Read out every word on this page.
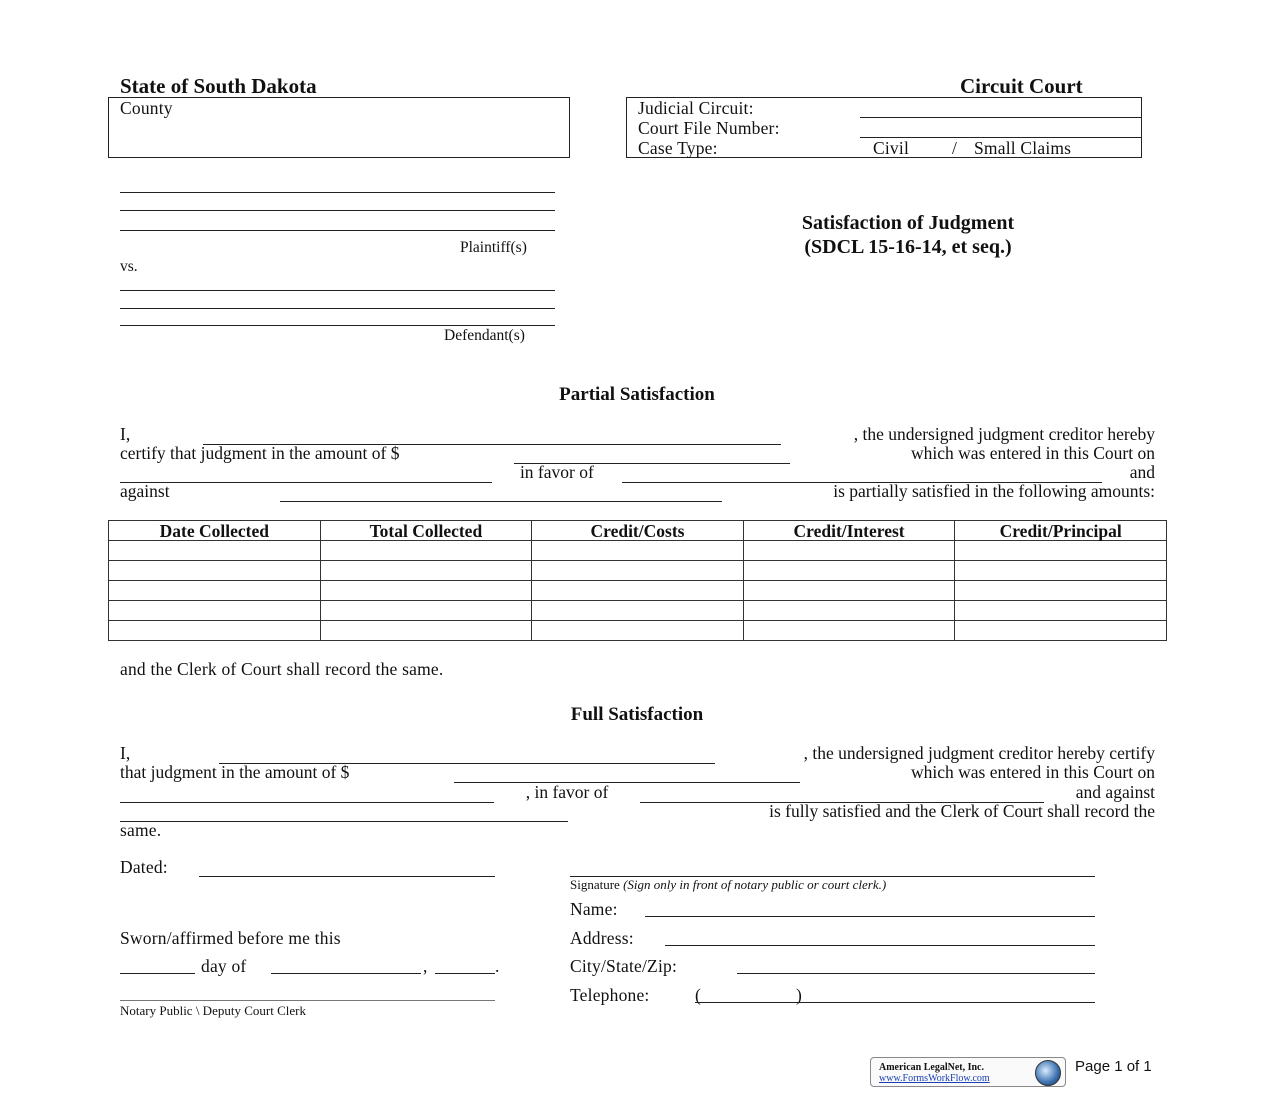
State of South Dakota	Circuit Court
County	Judicial Circuit:
Court File Number:
Case Type:	Civil / Small Claims
Plaintiff(s)
vs.
Defendant(s)
Satisfaction of Judgment
(SDCL 15-16-14, et seq.)
Partial Satisfaction
I,	, the undersigned judgment creditor hereby
certify that judgment in the amount of $	which was entered in this Court on
in favor of	and
against	is partially satisfied in the following amounts:
Date Collected	Total Collected	Credit/Costs	Credit/Interest	Credit/Principal

and the Clerk of Court shall record the same.
Full Satisfaction
I,	, the undersigned judgment creditor hereby certify
that judgment in the amount of $	which was entered in this Court on
, in favor of	and against
is fully satisfied and the Clerk of Court shall record the
same.
Dated:
Signature (Sign only in front of notary public or court clerk.)
Name:
Sworn/affirmed before me this	Address:
day of	,	.	City/State/Zip:
Notary Public \ Deputy Court Clerk
Telephone:	(	)
American LegalNet, Inc.
www.FormsWorkFlow.com
Page 1 of 1
